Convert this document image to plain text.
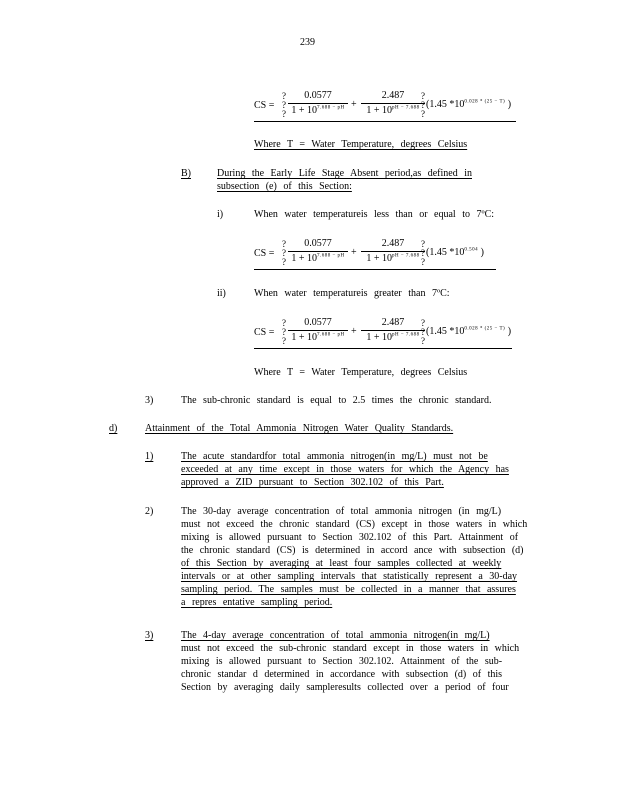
239
CS =
?
?
? $\frac{0.0577}{1 + 10^{7.688 - pH}} + \frac{2.487}{1 + 10^{pH - 7.688}}$
?
?
?
(1.45 $*10^{0.028 * (25 - T)}$ )
Where T = Water Temperature, degrees Celsius
B)	During the Early Life Stage Absent period,as defined in
subsection (e) of this Section:
i)	When water temperatureis less than or equal to 7ºC:
CS =
?
?
? $\frac{0.0577}{1 + 10^{7.688 - pH}} + \frac{2.487}{1 + 10^{pH - 7.688}}$
?
?
?
(1.45 $*10^{0.504}$ )
ii)	When water temperatureis greater than 7ºC:
CS =
?
?
? $\frac{0.0577}{1 + 10^{7.688 - pH}} + \frac{2.487}{1 + 10^{pH - 7.688}}$
?
?
?
(1.45 $*10^{0.028 * (25 - T)}$ )
Where T = Water Temperature, degrees Celsius
3)	The sub-chronic standard is equal to 2.5 times the chronic standard.
d)	Attainment of the Total Ammonia Nitrogen Water Quality Standards.
1)	The acute standardfor total ammonia nitrogen(in mg/L) must not be
exceeded at any time except in those waters for which the Agency has
approved a ZID pursuant to Section 302.102 of this Part.
2)	The 30-day average concentration of total ammonia nitrogen (in mg/L)
must not exceed the chronic standard (CS) except in those waters in which
mixing is allowed pursuant to Section 302.102 of this Part. Attainment of
the chronic standard (CS) is determined in accord ance with subsection (d)
of this Section by averaging at least four samples collected at weekly
intervals or at other sampling intervals that statistically represent a 30-day
sampling period. The samples must be collected in a manner that assures
a repres entative sampling period.
3)	The 4-day average concentration of total ammonia nitrogen(in mg/L)
must not exceed the sub-chronic standard except in those waters in which
mixing is allowed pursuant to Section 302.102. Attainment of the sub-
chronic standar d determined in accordance with subsection (d) of this
Section by averaging daily sampleresults collected over a period of four
